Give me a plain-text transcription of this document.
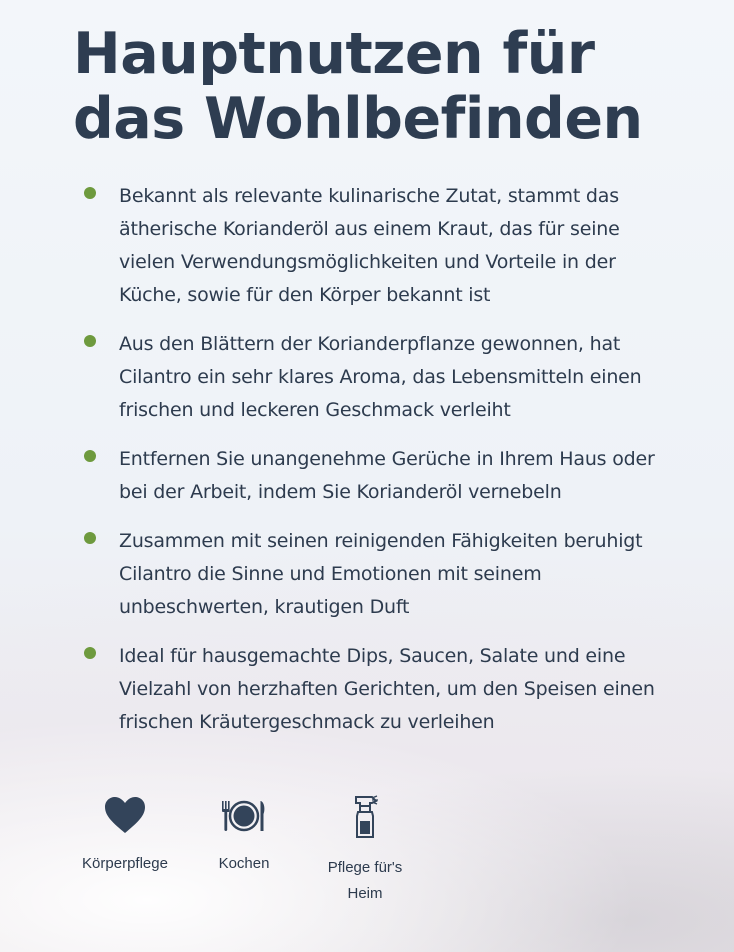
Hauptnutzen für das Wohlbefinden
Bekannt als relevante kulinarische Zutat, stammt das ätherische Korianderöl aus einem Kraut, das für seine vielen Verwendungsmöglichkeiten und Vorteile in der Küche, sowie für den Körper bekannt ist
Aus den Blättern der Korianderpflanze gewonnen, hat Cilantro ein sehr klares Aroma, das Lebensmitteln einen frischen und leckeren Geschmack verleiht
Entfernen Sie unangenehme Gerüche in Ihrem Haus oder bei der Arbeit, indem Sie Korianderöl vernebeln
Zusammen mit seinen reinigenden Fähigkeiten beruhigt Cilantro die Sinne und Emotionen mit seinem unbeschwerten, krautigen Duft
Ideal für hausgemachte Dips, Saucen, Salate und eine Vielzahl von herzhaften Gerichten, um den Speisen einen frischen Kräutergeschmack zu verleihen
Körperpflege	Kochen	Pflege für's Heim
